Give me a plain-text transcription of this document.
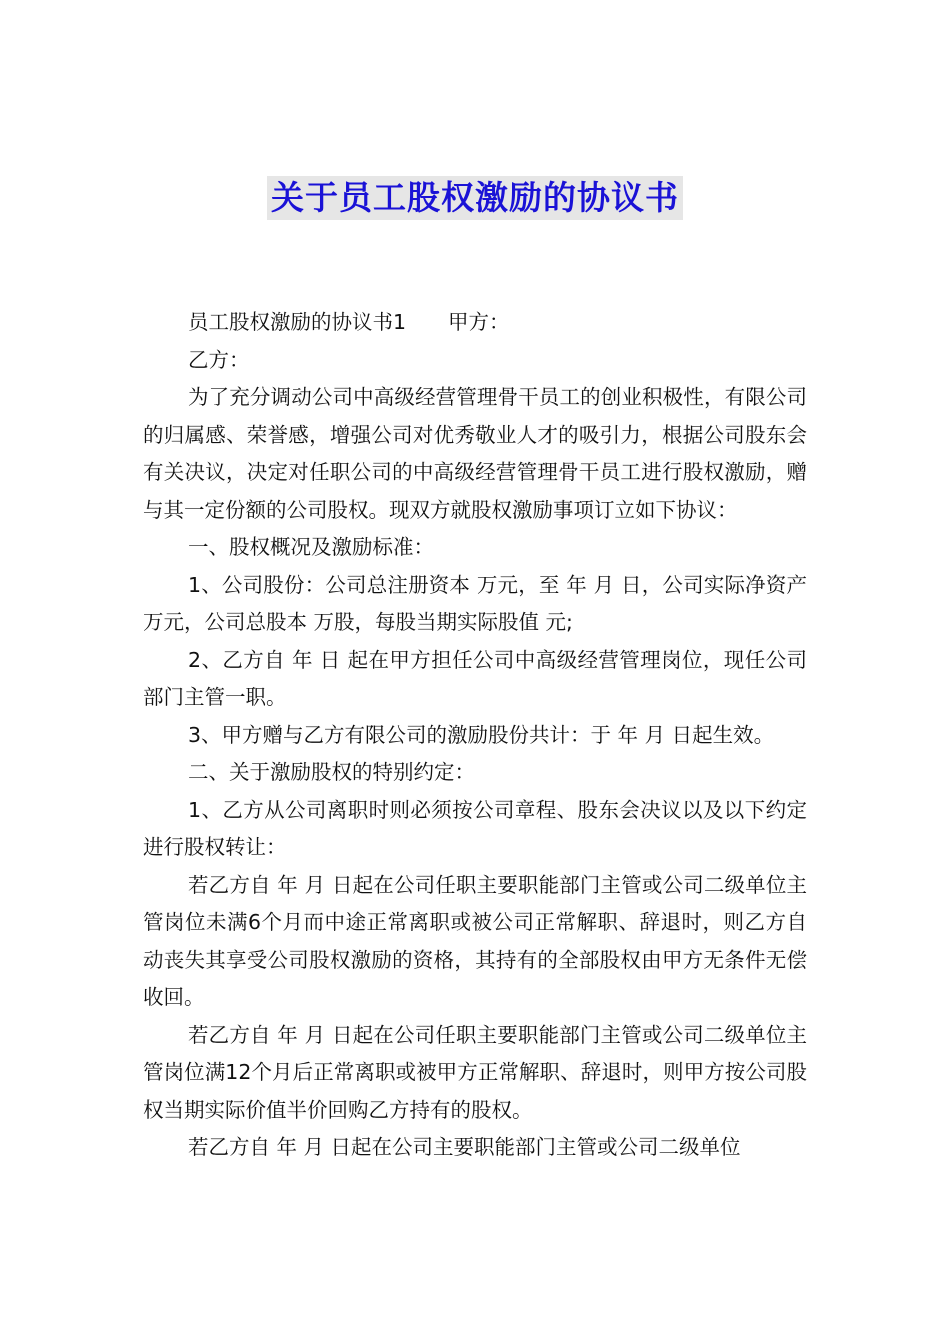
关于员工股权激励的协议书

员工股权激励的协议书1 甲方：

乙方：

为了充分调动公司中高级经营管理骨干员工的创业积极性，有限公司的归属感、荣誉感，增强公司对优秀敬业人才的吸引力，根据公司股东会有关决议，决定对任职公司的中高级经营管理骨干员工进行股权激励，赠与其一定份额的公司股权。现双方就股权激励事项订立如下协议：

一、股权概况及激励标准：

1、公司股份：公司总注册资本 万元，至 年 月 日，公司实际净资产 万元，公司总股本 万股，每股当期实际股值 元;

2、乙方自 年 日 起在甲方担任公司中高级经营管理岗位，现任公司部门主管一职。

3、甲方赠与乙方有限公司的激励股份共计：于 年 月 日起生效。

二、关于激励股权的特别约定：

1、乙方从公司离职时则必须按公司章程、股东会决议以及以下约定进行股权转让：

若乙方自 年 月 日起在公司任职主要职能部门主管或公司二级单位主管岗位未满6个月而中途正常离职或被公司正常解职、辞退时，则乙方自动丧失其享受公司股权激励的资格，其持有的全部股权由甲方无条件无偿收回。

若乙方自 年 月 日起在公司任职主要职能部门主管或公司二级单位主管岗位满12个月后正常离职或被甲方正常解职、辞退时，则甲方按公司股权当期实际价值半价回购乙方持有的股权。

若乙方自 年 月 日起在公司主要职能部门主管或公司二级单位
